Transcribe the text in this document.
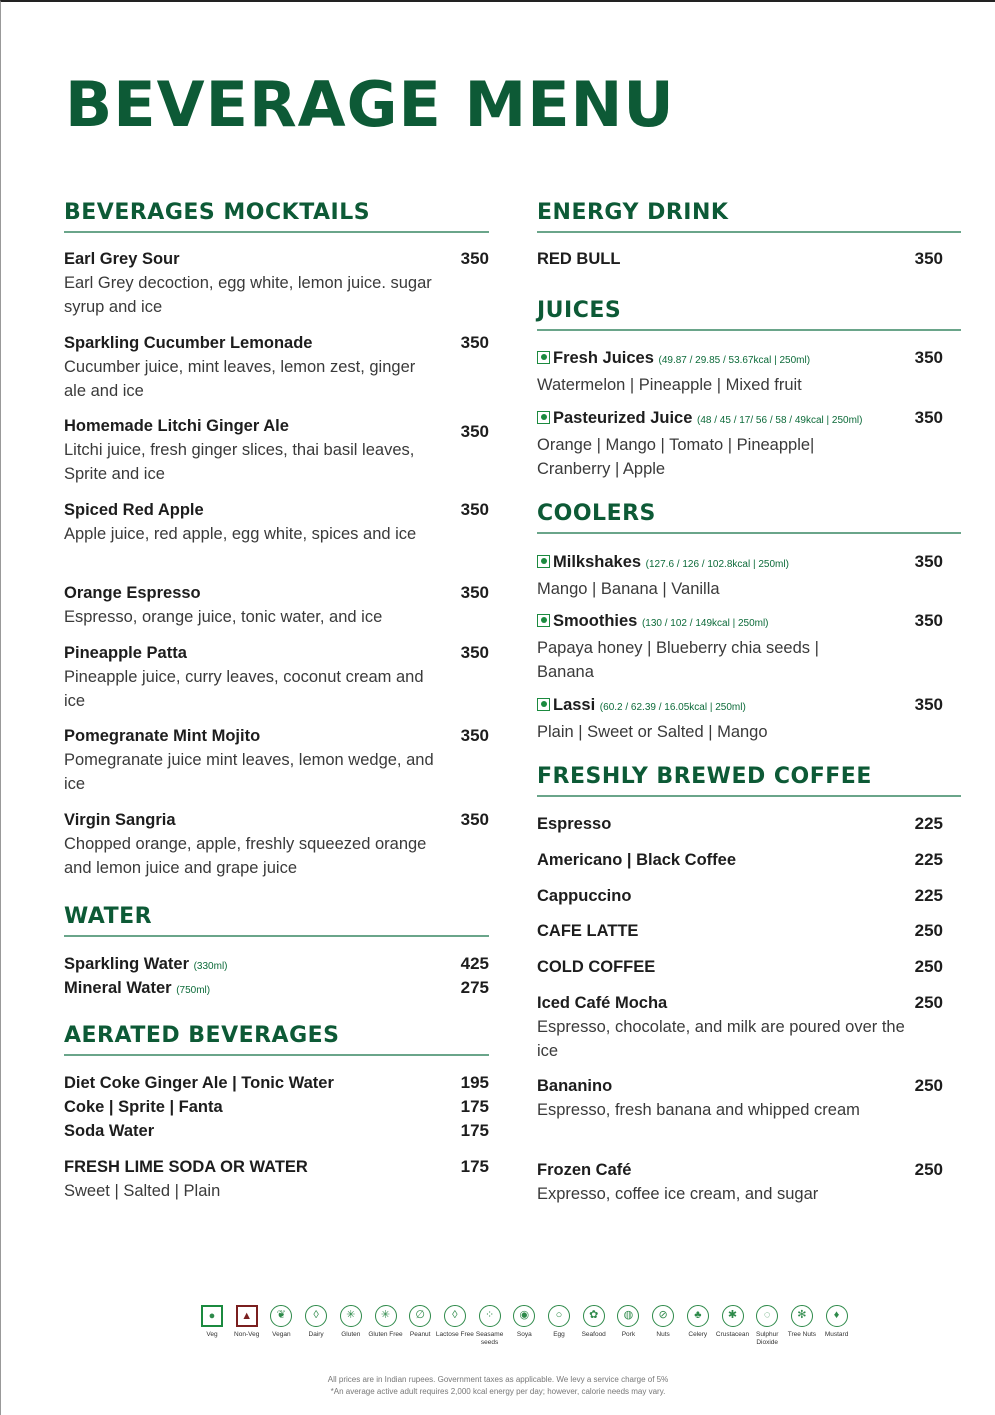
BEVERAGE MENU
BEVERAGES MOCKTAILS
Earl Grey Sour	350
Earl Grey decoction, egg white, lemon juice. sugar syrup and ice
Sparkling Cucumber Lemonade	350
Cucumber juice, mint leaves, lemon zest, ginger ale and ice
Homemade Litchi Ginger Ale	350
Litchi juice, fresh ginger slices, thai basil leaves, Sprite and ice
Spiced Red Apple	350
Apple juice, red apple, egg white, spices and ice
Orange Espresso	350
Espresso, orange juice, tonic water, and ice
Pineapple Patta	350
Pineapple juice, curry leaves, coconut cream and ice
Pomegranate Mint Mojito	350
Pomegranate juice mint leaves, lemon wedge, and ice
Virgin Sangria	350
Chopped orange, apple, freshly squeezed orange and lemon juice and grape juice
WATER
Sparkling Water (330ml)	425
Mineral Water (750ml)	275
AERATED BEVERAGES
Diet Coke Ginger Ale | Tonic Water	195
Coke | Sprite | Fanta	175
Soda Water	175
FRESH LIME SODA OR WATER	175
Sweet | Salted | Plain
ENERGY DRINK
RED BULL	350
JUICES
Fresh Juices (49.87 / 29.85 / 53.67kcal | 250ml)	350
Watermelon | Pineapple | Mixed fruit
Pasteurized Juice (48 / 45 / 17/ 56 / 58 / 49kcal | 250ml)	350
Orange | Mango | Tomato | Pineapple| Cranberry | Apple
COOLERS
Milkshakes (127.6 / 126 / 102.8kcal | 250ml)	350
Mango | Banana | Vanilla
Smoothies (130 / 102 / 149kcal | 250ml)	350
Papaya honey | Blueberry chia seeds | Banana
Lassi (60.2 / 62.39 / 16.05kcal | 250ml)	350
Plain | Sweet or Salted | Mango
FRESHLY BREWED COFFEE
Espresso	225
Americano | Black Coffee	225
Cappuccino	225
CAFE LATTE	250
COLD COFFEE	250
Iced Café Mocha	250
Espresso, chocolate, and milk are poured over the ice
Bananino	250
Espresso, fresh banana and whipped cream
Frozen Café	250
Expresso, coffee ice cream, and sugar
●
Veg
▲
Non-Veg
❦
Vegan
◊
Dairy
✳
Gluten
✳
Gluten Free
∅
Peanut
◊
Lactose Free
⁘
Seasame seeds
◉
Soya
○
Egg
✿
Seafood
◍
Pork
⊘
Nuts
♣
Celery
✱
Crustacean
◌
Sulphur Dioxide
✻
Tree Nuts
♦
Mustard
All prices are in Indian rupees. Government taxes as applicable. We levy a service charge of 5%
*An average active adult requires 2,000 kcal energy per day; however, calorie needs may vary.
